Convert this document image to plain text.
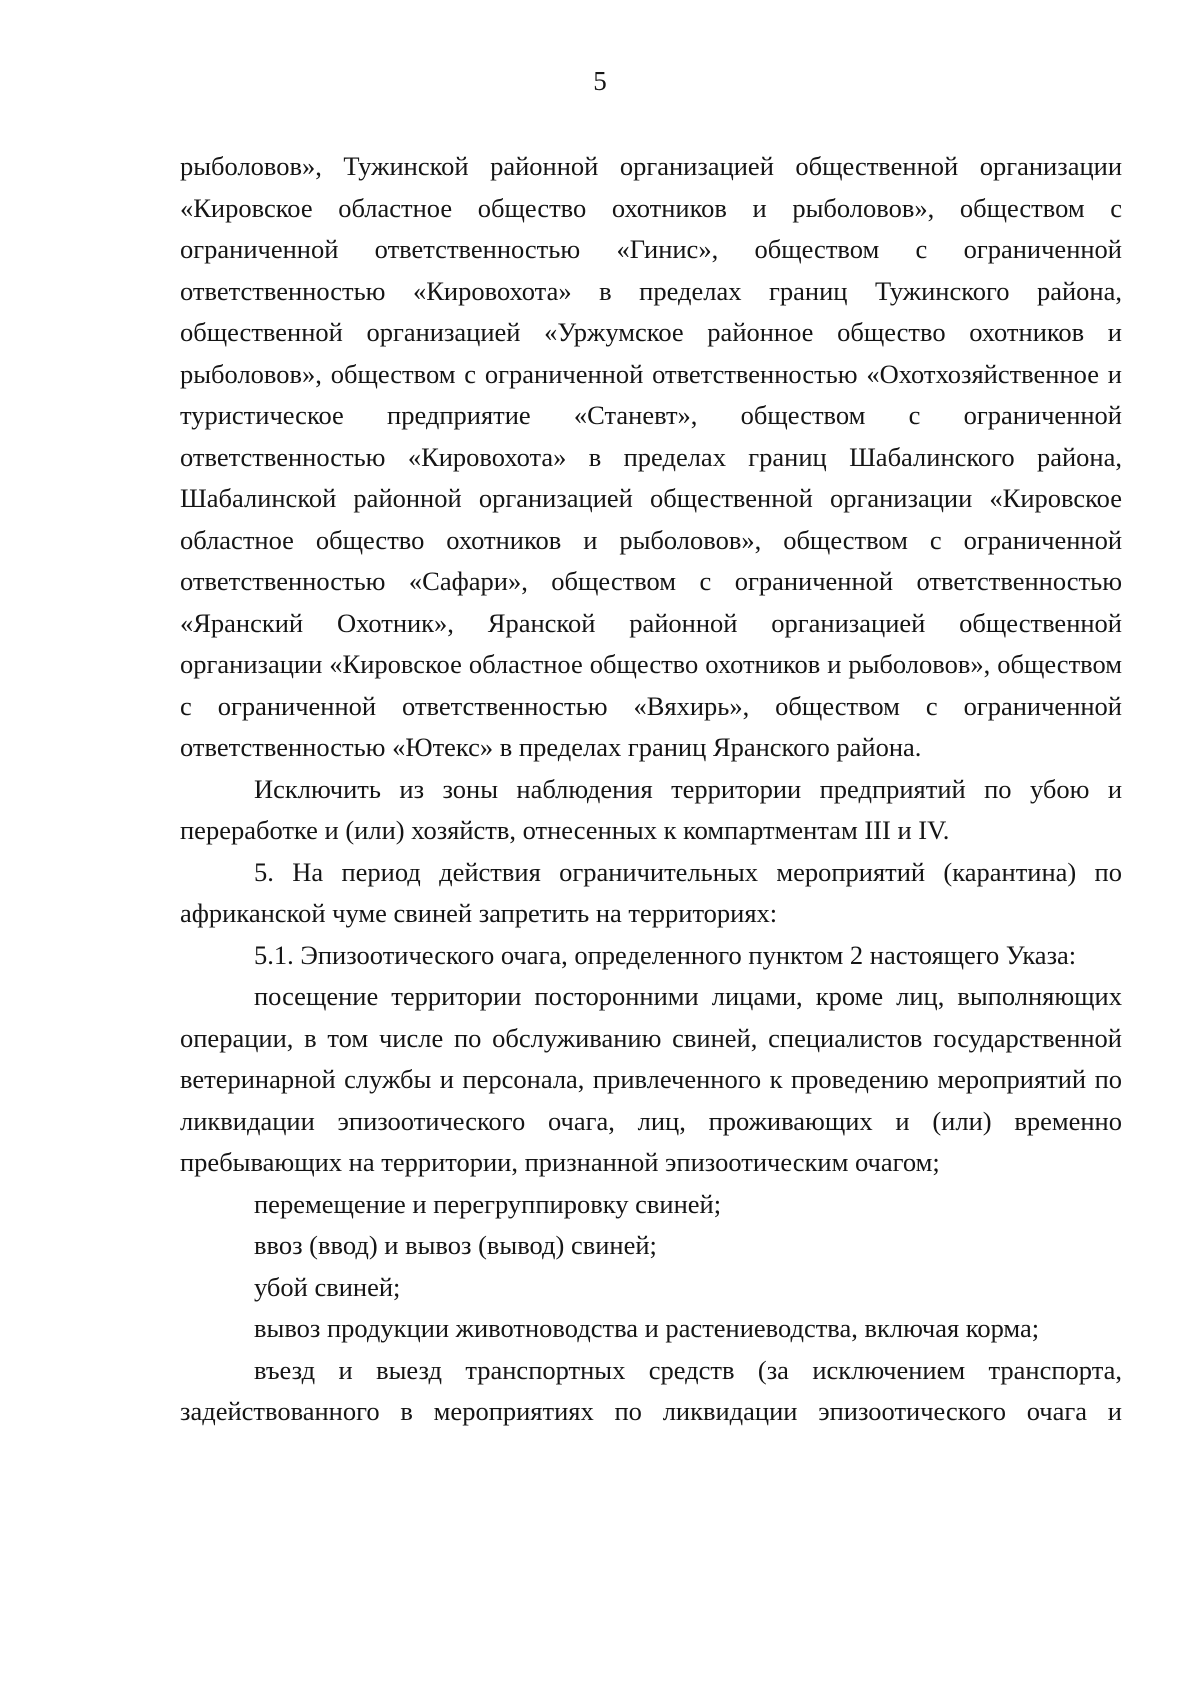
5

рыболовов», Тужинской районной организацией общественной организации «Кировское областное общество охотников и рыболовов», обществом с ограниченной ответственностью «Гинис», обществом с ограниченной ответственностью «Кировохота» в пределах границ Тужинского района, общественной организацией «Уржумское районное общество охотников и рыболовов», обществом с ограниченной ответственностью «Охотхозяйственное и туристическое предприятие «Станевт», обществом с ограниченной ответственностью «Кировохота» в пределах границ Шабалинского района, Шабалинской районной организацией общественной организации «Кировское областное общество охотников и рыболовов», обществом с ограниченной ответственностью «Сафари», обществом с ограниченной ответственностью «Яранский Охотник», Яранской районной организацией общественной организации «Кировское областное общество охотников и рыболовов», обществом с ограниченной ответственностью «Вяхирь», обществом с ограниченной ответственностью «Ютекс» в пределах границ Яранского района.

Исключить из зоны наблюдения территории предприятий по убою и переработке и (или) хозяйств, отнесенных к компартментам III и IV.

5. На период действия ограничительных мероприятий (карантина) по африканской чуме свиней запретить на территориях:

5.1. Эпизоотического очага, определенного пунктом 2 настоящего Указа:

посещение территории посторонними лицами, кроме лиц, выполняющих операции, в том числе по обслуживанию свиней, специалистов государственной ветеринарной службы и персонала, привлеченного к проведению мероприятий по ликвидации эпизоотического очага, лиц, проживающих и (или) временно пребывающих на территории, признанной эпизоотическим очагом;

перемещение и перегруппировку свиней;

ввоз (ввод) и вывоз (вывод) свиней;

убой свиней;

вывоз продукции животноводства и растениеводства, включая корма;

въезд и выезд транспортных средств (за исключением транспорта, задействованного в мероприятиях по ликвидации эпизоотического очага и
